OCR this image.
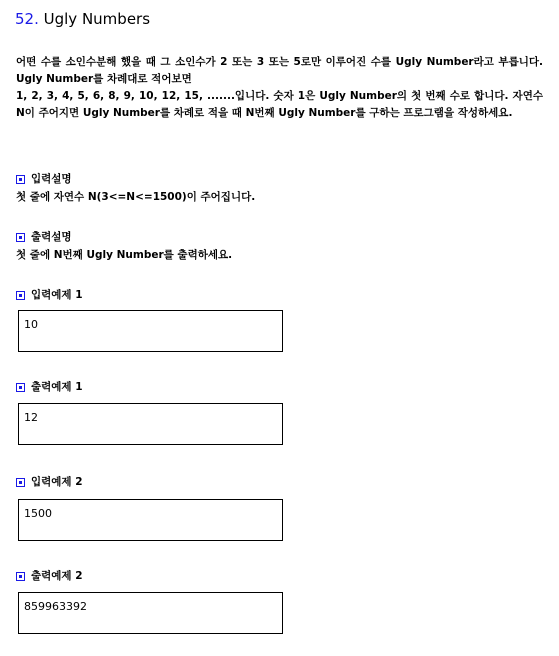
52. Ugly Numbers

어떤 수를 소인수분해 했을 때 그 소인수가 2 또는 3 또는 5로만 이루어진 수를 Ugly Number라고 부릅니다. Ugly Number를 차례대로 적어보면

1, 2, 3, 4, 5, 6, 8, 9, 10, 12, 15, .......입니다. 숫자 1은 Ugly Number의 첫 번째 수로 합니다. 자연수 N이 주어지면 Ugly Number를 차례로 적을 때 N번째 Ugly Number를 구하는 프로그램을 작성하세요.

입력설명
첫 줄에 자연수 N(3<=N<=1500)이 주어집니다.
출력설명
첫 줄에 N번째 Ugly Number를 출력하세요.
입력예제 1
10
출력예제 1
12
입력예제 2
1500
출력예제 2
859963392
